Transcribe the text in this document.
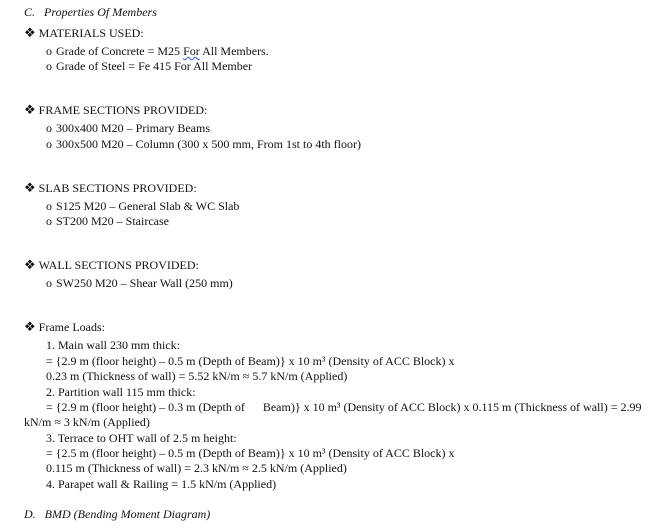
C. Properties Of Members
❖ MATERIALS USED:
o Grade of Concrete = M25 For All Members.
o Grade of Steel = Fe 415 For All Member
❖ FRAME SECTIONS PROVIDED:
o 300x400 M20 – Primary Beams
o 300x500 M20 – Column (300 x 500 mm, From 1st to 4th floor)
❖ SLAB SECTIONS PROVIDED:
o S125 M20 – General Slab & WC Slab
o ST200 M20 – Staircase
❖ WALL SECTIONS PROVIDED:
o SW250 M20 – Shear Wall (250 mm)
❖ Frame Loads:
1. Main wall 230 mm thick:
= {2.9 m (floor height) – 0.5 m (Depth of Beam)} x 10 m³ (Density of ACC Block) x
0.23 m (Thickness of wall) = 5.52 kN/m ≈ 5.7 kN/m (Applied)
2. Partition wall 115 mm thick:
= {2.9 m (floor height) – 0.3 m (Depth of      Beam)} x 10 m³ (Density of ACC Block) x 0.115 m (Thickness of wall) = 2.99
kN/m ≈ 3 kN/m (Applied)
3. Terrace to OHT wall of 2.5 m height:
= {2.5 m (floor height) – 0.5 m (Depth of Beam)} x 10 m³ (Density of ACC Block) x
0.115 m (Thickness of wall) = 2.3 kN/m ≈ 2.5 kN/m (Applied)
4. Parapet wall & Railing = 1.5 kN/m (Applied)
D. BMD (Bending Moment Diagram)
